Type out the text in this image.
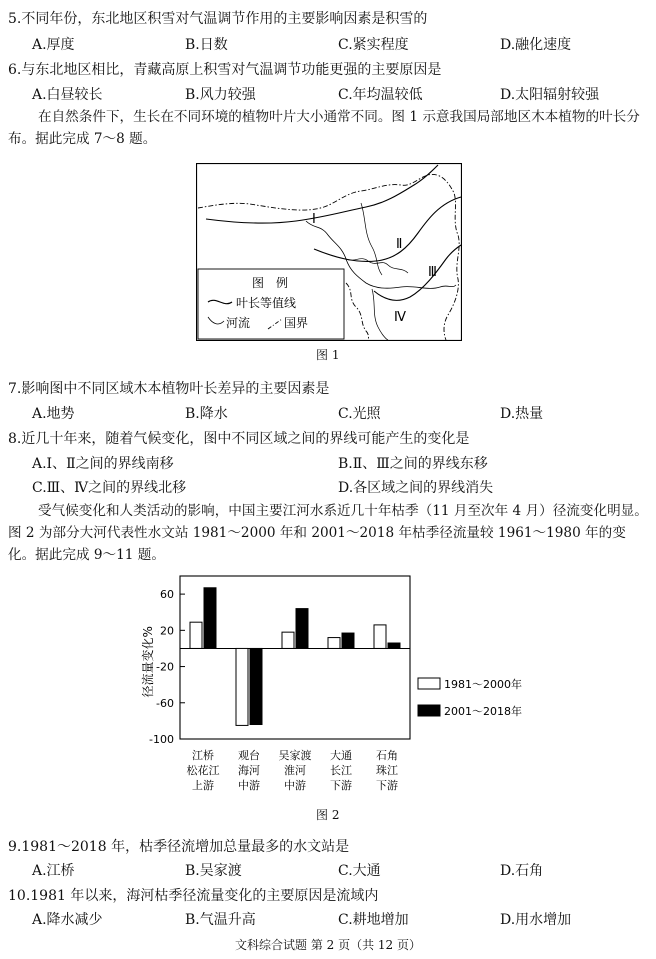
5.不同年份，东北地区积雪对气温调节作用的主要影响因素是积雪的
A.厚度	B.日数	C.紧实程度	D.融化速度
6.与东北地区相比，青藏高原上积雪对气温调节功能更强的主要原因是
A.白昼较长	B.风力较强	C.年均温较低	D.太阳辐射较强
在自然条件下，生长在不同环境的植物叶片大小通常不同。图 1 示意我国局部地区木本植物的叶长分布。据此完成 7～8 题。
Ⅰ
Ⅱ
Ⅲ
Ⅳ
图　例
叶长等值线
河流	国界
图 1
7.影响图中不同区域木本植物叶长差异的主要因素是
A.地势	B.降水	C.光照	D.热量
8.近几十年来，随着气候变化，图中不同区域之间的界线可能产生的变化是
A.Ⅰ、Ⅱ之间的界线南移	B.Ⅱ、Ⅲ之间的界线东移
C.Ⅲ、Ⅳ之间的界线北移	D.各区域之间的界线消失
受气候变化和人类活动的影响，中国主要江河水系近几十年枯季（11 月至次年 4 月）径流变化明显。图 2 为部分大河代表性水文站 1981～2000 年和 2001～2018 年枯季径流量较 1961～1980 年的变化。据此完成 9～11 题。
60
20
-20
-60
-100
江桥
松花江
上游
观台
海河
中游
吴家渡
淮河
中游
大通
长江
下游
石角
珠江
下游
径流量变化%	1981～2000年
2001～2018年
图 2
9.1981～2018 年，枯季径流增加总量最多的水文站是
A.江桥	B.吴家渡	C.大通	D.石角
10.1981 年以来，海河枯季径流量变化的主要原因是流域内
A.降水减少	B.气温升高	C.耕地增加	D.用水增加
文科综合试题 第 2 页（共 12 页）
